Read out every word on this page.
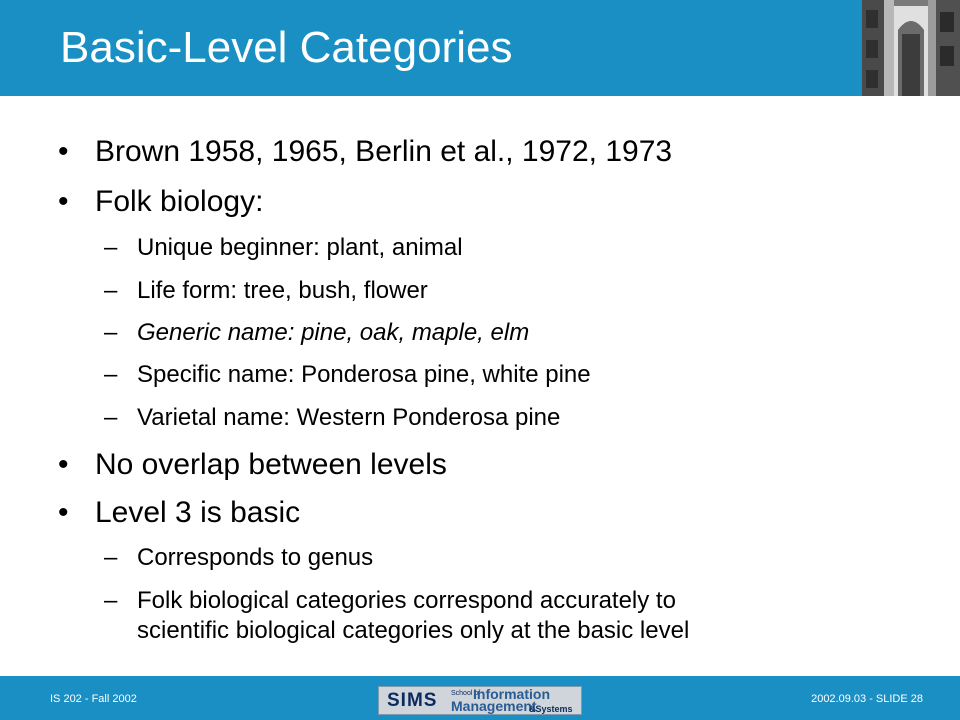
Basic-Level Categories
• Brown 1958, 1965, Berlin et al., 1972, 1973
• Folk biology:
– Unique beginner: plant, animal
– Life form: tree, bush, flower
– Generic name: pine, oak, maple, elm
– Specific name: Ponderosa pine, white pine
– Varietal name: Western Ponderosa pine
• No overlap between levels
• Level 3 is basic
– Corresponds to genus
– Folk biological categories correspond accurately to
scientific biological categories only at the basic level
IS 202 - Fall 2002	2002.09.03 - SLIDE 28
SIMS School of
Information
Management
&Systems
